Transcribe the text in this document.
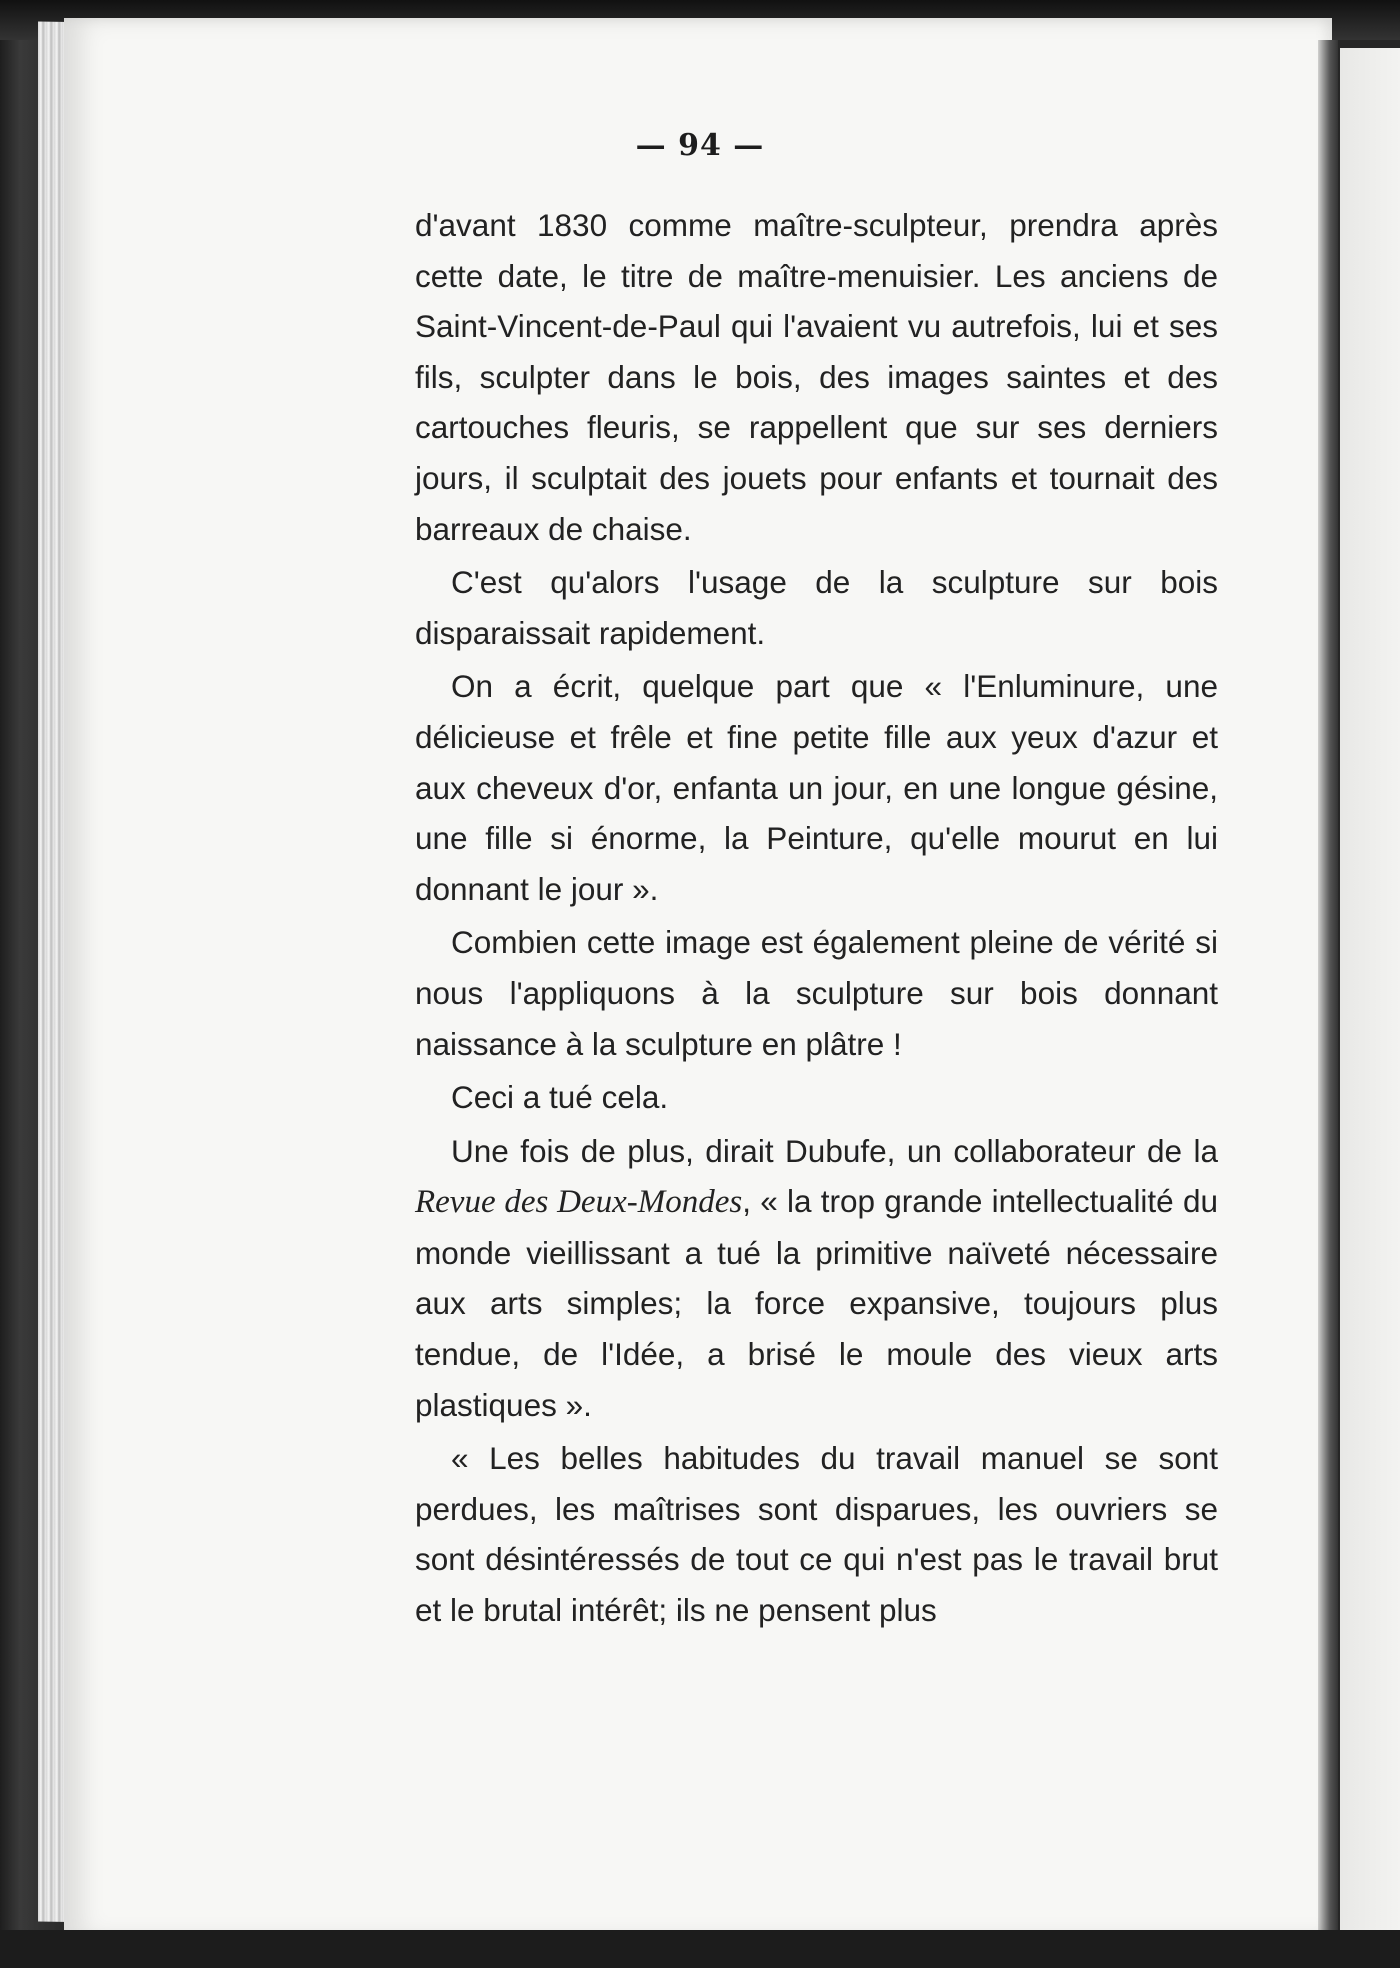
— 94 —

d'avant 1830 comme maître-sculpteur, prendra après cette date, le titre de maître-menuisier. Les anciens de Saint-Vincent-de-Paul qui l'avaient vu autrefois, lui et ses fils, sculpter dans le bois, des images saintes et des cartouches fleuris, se rappellent que sur ses derniers jours, il sculptait des jouets pour enfants et tournait des barreaux de chaise.

C'est qu'alors l'usage de la sculpture sur bois disparaissait rapidement.

On a écrit, quelque part que « l'Enluminure, une délicieuse et frêle et fine petite fille aux yeux d'azur et aux cheveux d'or, enfanta un jour, en une longue gésine, une fille si énorme, la Peinture, qu'elle mourut en lui donnant le jour ».

Combien cette image est également pleine de vérité si nous l'appliquons à la sculpture sur bois donnant naissance à la sculpture en plâtre !

Ceci a tué cela.

Une fois de plus, dirait Dubufe, un collaborateur de la Revue des Deux-Mondes, « la trop grande intellectualité du monde vieillissant a tué la primitive naïveté nécessaire aux arts simples; la force expansive, toujours plus tendue, de l'Idée, a brisé le moule des vieux arts plastiques ».

« Les belles habitudes du travail manuel se sont perdues, les maîtrises sont disparues, les ouvriers se sont désintéressés de tout ce qui n'est pas le travail brut et le brutal intérêt; ils ne pensent plus
